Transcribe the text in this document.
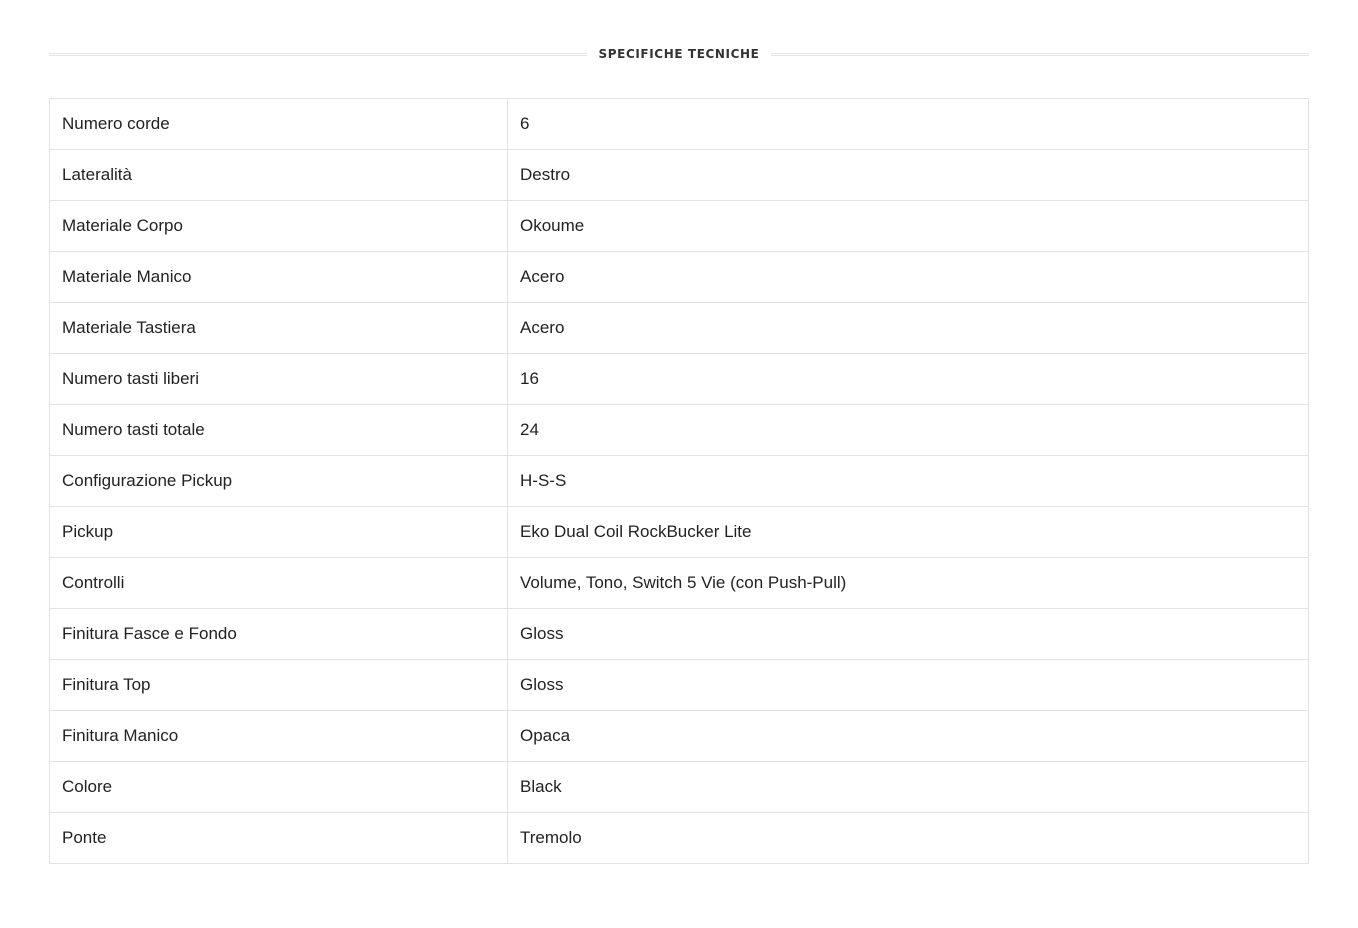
SPECIFICHE TECNICHE
Numero corde	6
Lateralità	Destro
Materiale Corpo	Okoume
Materiale Manico	Acero
Materiale Tastiera	Acero
Numero tasti liberi	16
Numero tasti totale	24
Configurazione Pickup	H-S-S
Pickup	Eko Dual Coil RockBucker Lite
Controlli	Volume, Tono, Switch 5 Vie (con Push-Pull)
Finitura Fasce e Fondo	Gloss
Finitura Top	Gloss
Finitura Manico	Opaca
Colore	Black
Ponte	Tremolo
